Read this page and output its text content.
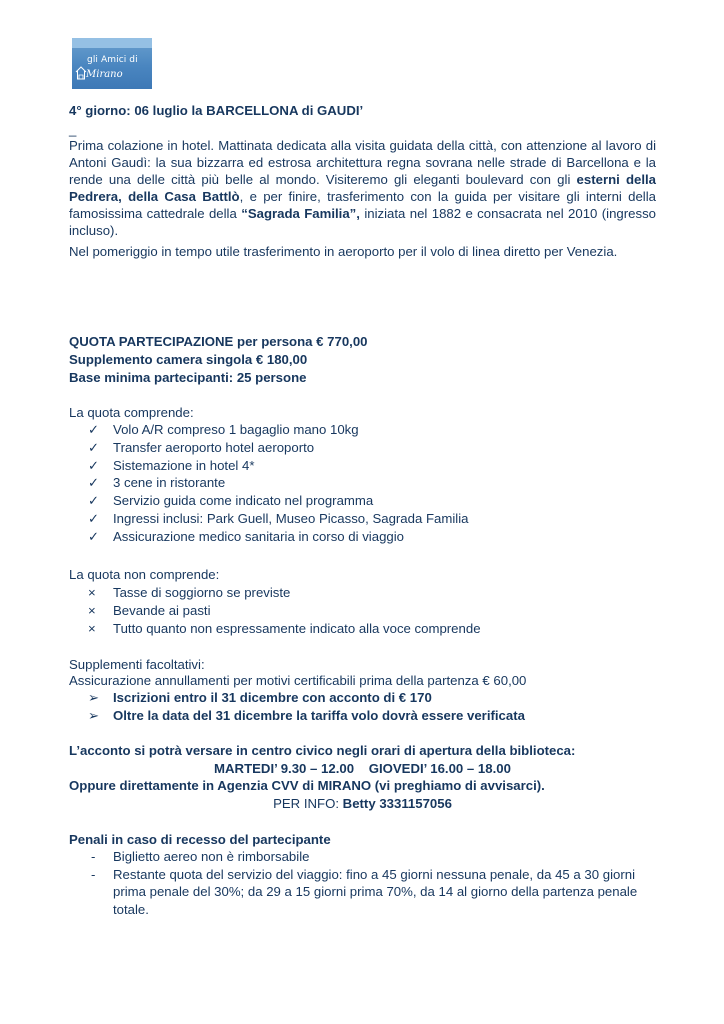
gli Amici di
Mirano
4° giorno: 06 luglio la BARCELLONA di GAUDI’
_
Prima colazione in hotel. Mattinata dedicata alla visita guidata della città, con attenzione al lavoro di Antoni Gaudì: la sua bizzarra ed estrosa architettura regna sovrana nelle strade di Barcellona e la rende una delle città più belle al mondo. Visiteremo gli eleganti boulevard con gli esterni della Pedrera, della Casa Battlò, e per finire, trasferimento con la guida per visitare gli interni della famosissima cattedrale della “Sagrada Familia”, iniziata nel 1882 e consacrata nel 2010 (ingresso incluso).
Nel pomeriggio in tempo utile trasferimento in aeroporto per il volo di linea diretto per Venezia.
QUOTA PARTECIPAZIONE per persona € 770,00
Supplemento camera singola € 180,00
Base minima partecipanti: 25 persone
La quota comprende:
✓	Volo A/R compreso 1 bagaglio mano 10kg
✓	Transfer aeroporto hotel aeroporto
✓	Sistemazione in hotel 4*
✓	3 cene in ristorante
✓	Servizio guida come indicato nel programma
✓	Ingressi inclusi: Park Guell, Museo Picasso, Sagrada Familia
✓	Assicurazione medico sanitaria in corso di viaggio
La quota non comprende:
×	Tasse di soggiorno se previste
×	Bevande ai pasti
×	Tutto quanto non espressamente indicato alla voce comprende
Supplementi facoltativi:
Assicurazione annullamenti per motivi certificabili prima della partenza € 60,00
➢ Iscrizioni entro il 31 dicembre con acconto di € 170
➢ Oltre la data del 31 dicembre la tariffa volo dovrà essere verificata
L’acconto si potrà versare in centro civico negli orari di apertura della biblioteca:
MARTEDI’ 9.30 – 12.00    GIOVEDI’ 16.00 – 18.00
Oppure direttamente in Agenzia CVV di MIRANO (vi preghiamo di avvisarci).
PER INFO: Betty 3331157056
Penali in caso di recesso del partecipante
- Biglietto aereo non è rimborsabile
- Restante quota del servizio del viaggio: fino a 45 giorni nessuna penale, da 45 a 30 giorni prima penale del 30%; da 29 a 15 giorni prima 70%, da 14 al giorno della partenza penale totale.
